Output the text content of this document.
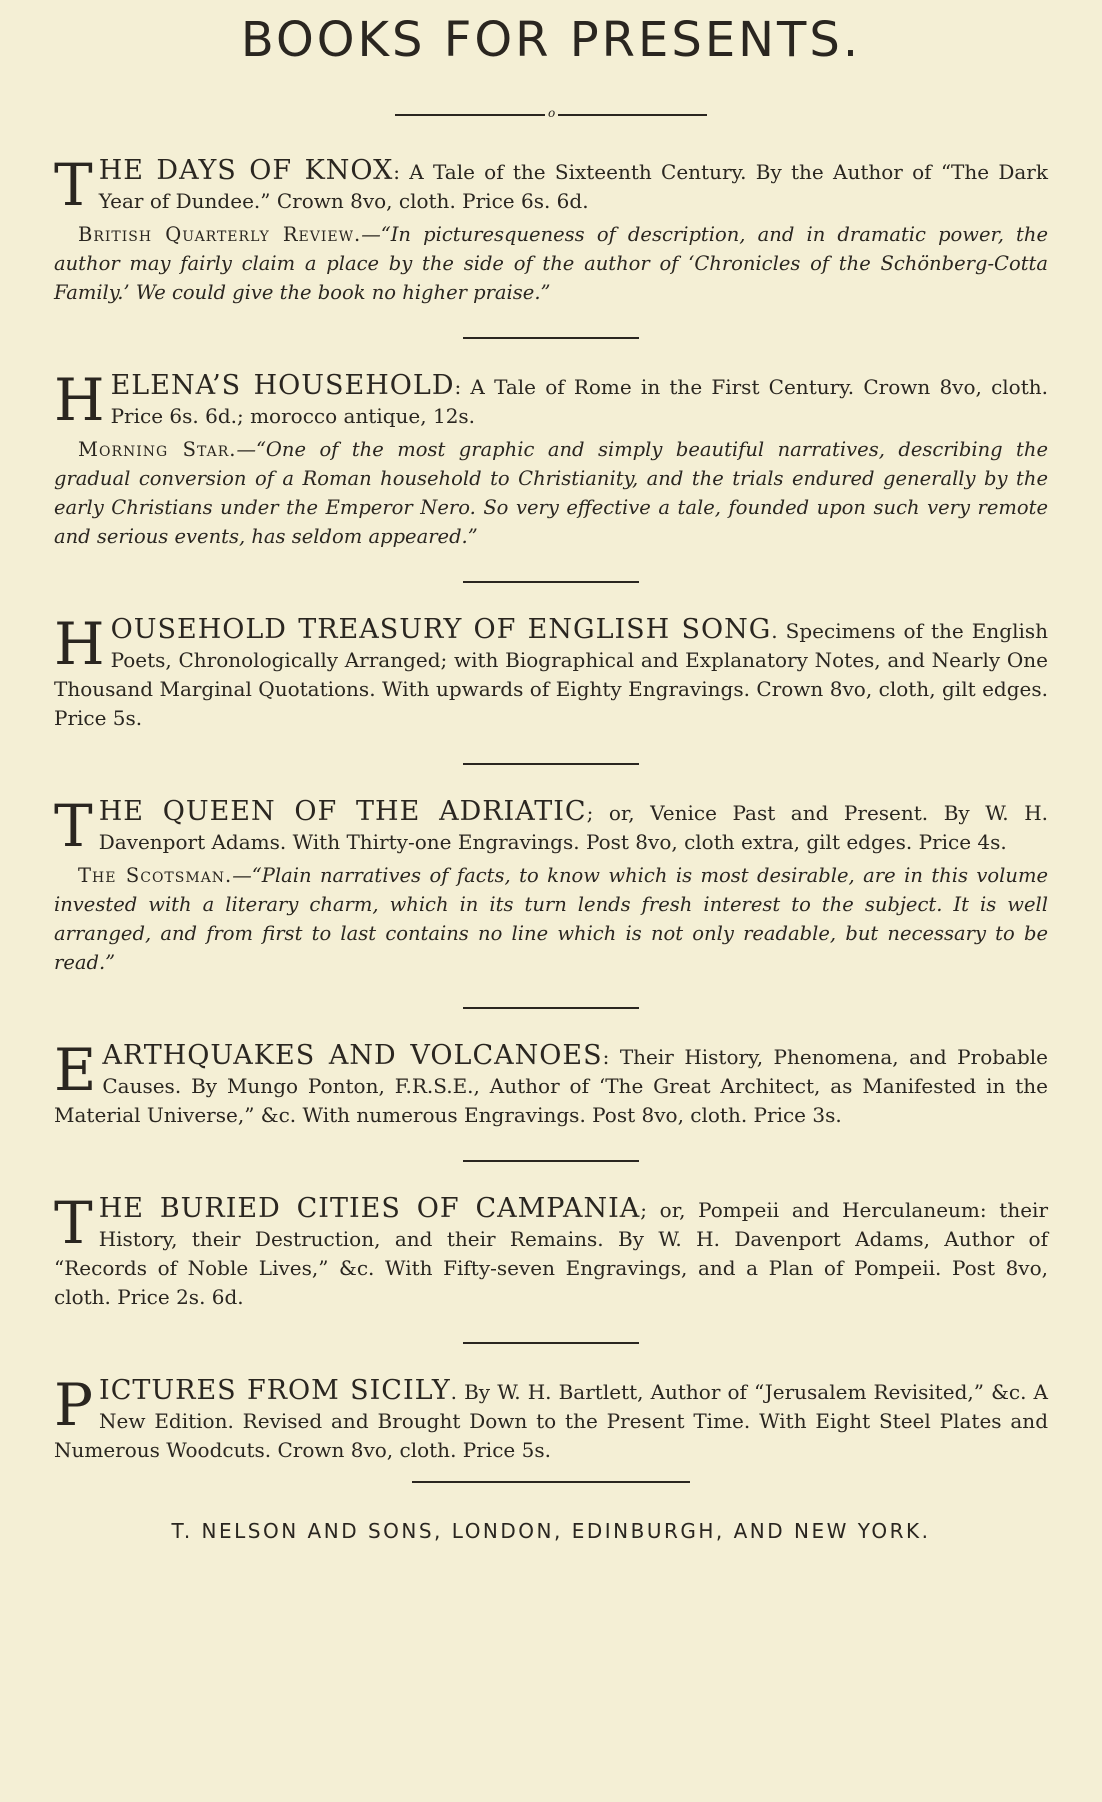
BOOKS FOR PRESENTS.
o

THE DAYS OF KNOX: A Tale of the Sixteenth Century. By the Author of “The Dark Year of Dundee.” Crown 8vo, cloth. Price 6s. 6d.

British Quarterly Review.—“In picturesqueness of description, and in dramatic power, the author may fairly claim a place by the side of the author of ‘Chronicles of the Schönberg-Cotta Family.’ We could give the book no higher praise.”

HELENA’S HOUSEHOLD: A Tale of Rome in the First Century. Crown 8vo, cloth. Price 6s. 6d.; morocco antique, 12s.

Morning Star.—“One of the most graphic and simply beautiful narratives, describing the gradual conversion of a Roman household to Christianity, and the trials endured generally by the early Christians under the Emperor Nero. So very effective a tale, founded upon such very remote and serious events, has seldom appeared.”

HOUSEHOLD TREASURY OF ENGLISH SONG. Specimens of the English Poets, Chronologically Arranged; with Biographical and Explanatory Notes, and Nearly One Thousand Marginal Quotations. With upwards of Eighty Engravings. Crown 8vo, cloth, gilt edges. Price 5s.

THE QUEEN OF THE ADRIATIC; or, Venice Past and Present. By W. H. Davenport Adams. With Thirty-one Engravings. Post 8vo, cloth extra, gilt edges. Price 4s.

The Scotsman.—“Plain narratives of facts, to know which is most desirable, are in this volume invested with a literary charm, which in its turn lends fresh interest to the subject. It is well arranged, and from first to last contains no line which is not only readable, but necessary to be read.”

EARTHQUAKES AND VOLCANOES: Their History, Phenomena, and Probable Causes. By Mungo Ponton, F.R.S.E., Author of ‘The Great Architect, as Manifested in the Material Universe,” &c. With numerous Engravings. Post 8vo, cloth. Price 3s.

THE BURIED CITIES OF CAMPANIA; or, Pompeii and Herculaneum: their History, their Destruction, and their Remains. By W. H. Davenport Adams, Author of “Records of Noble Lives,” &c. With Fifty-seven Engravings, and a Plan of Pompeii. Post 8vo, cloth. Price 2s. 6d.

PICTURES FROM SICILY. By W. H. Bartlett, Author of “Jerusalem Revisited,” &c. A New Edition. Revised and Brought Down to the Present Time. With Eight Steel Plates and Numerous Woodcuts. Crown 8vo, cloth. Price 5s.

T. NELSON AND SONS, LONDON, EDINBURGH, AND NEW YORK.
